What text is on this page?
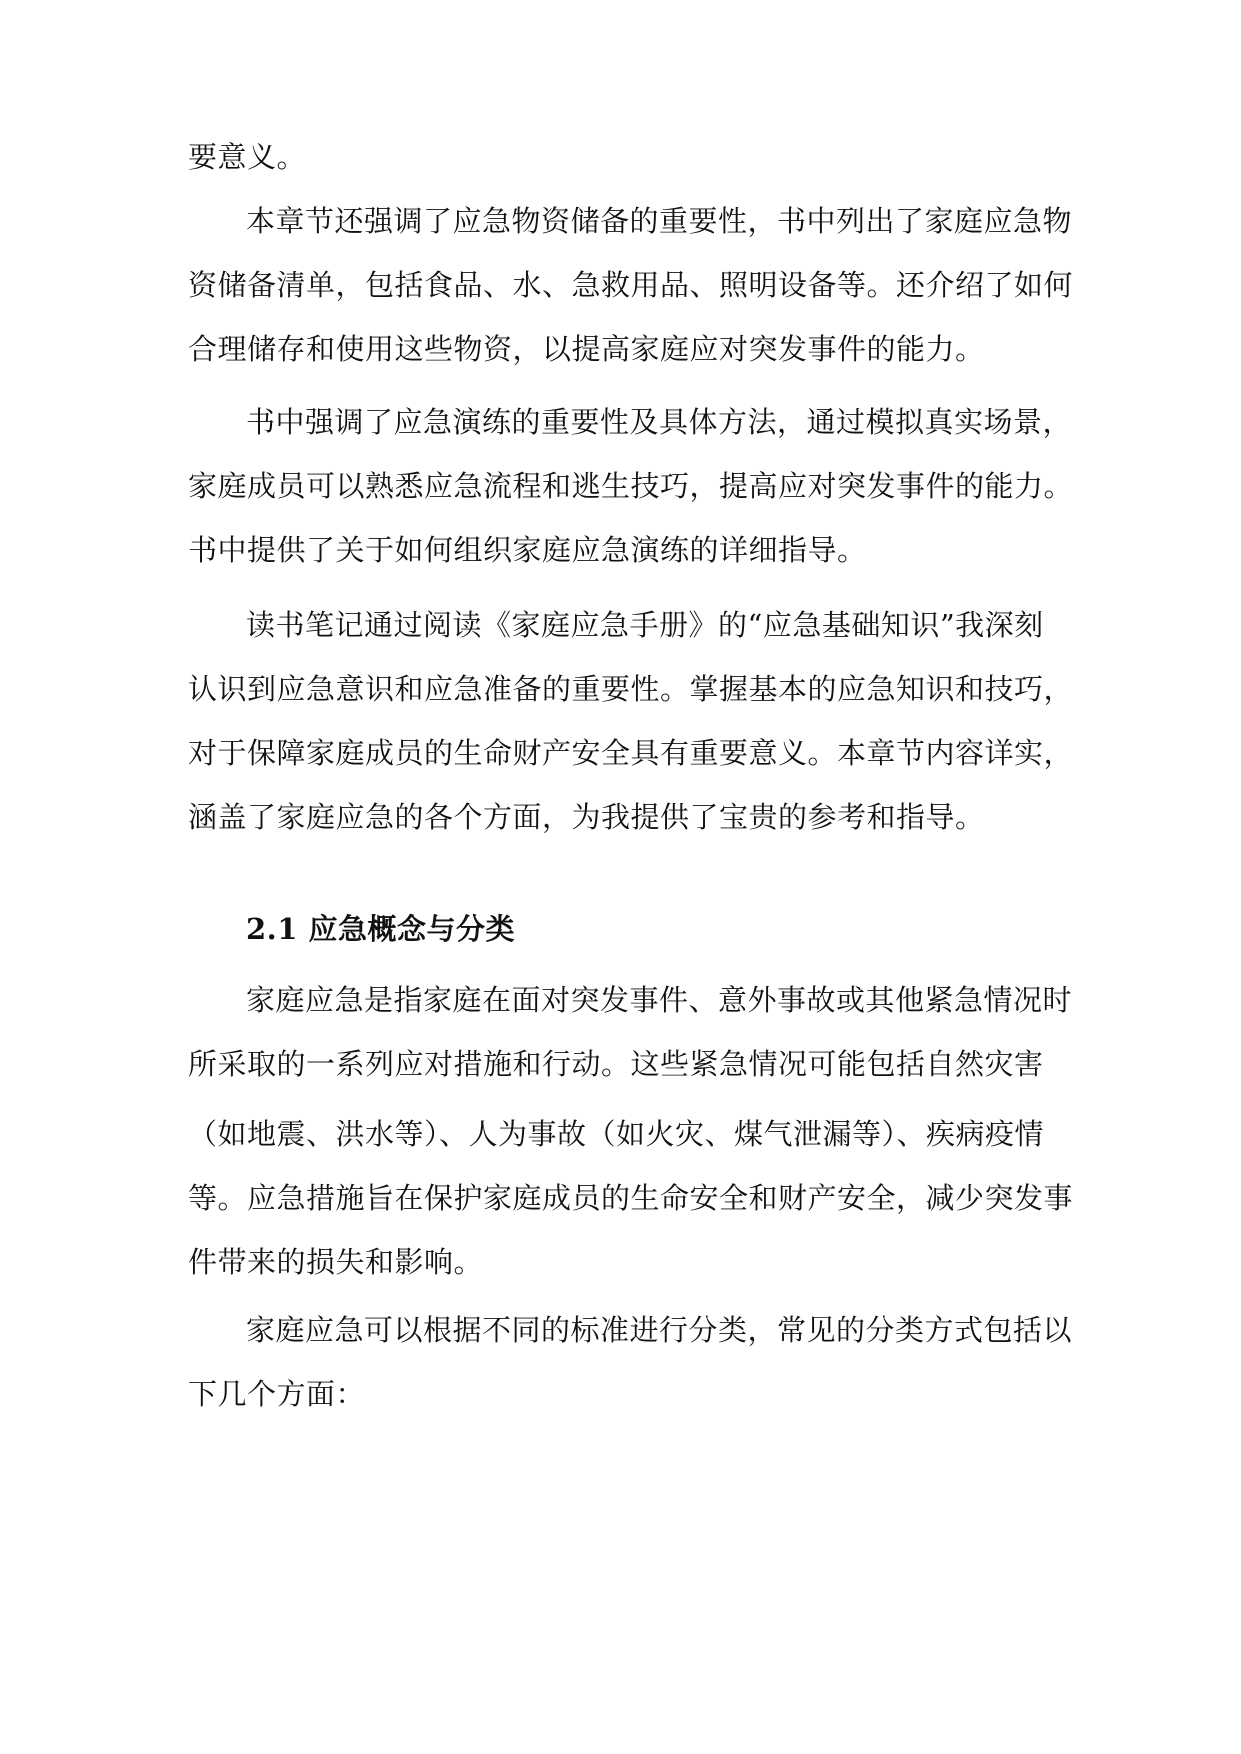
要意义。
本章节还强调了应急物资储备的重要性，书中列出了家庭应急物
资储备清单，包括食品、水、急救用品、照明设备等。还介绍了如何
合理储存和使用这些物资，以提高家庭应对突发事件的能力。
书中强调了应急演练的重要性及具体方法，通过模拟真实场景，
家庭成员可以熟悉应急流程和逃生技巧，提高应对突发事件的能力。
书中提供了关于如何组织家庭应急演练的详细指导。
读书笔记通过阅读《家庭应急手册》的“应急基础知识”我深刻
认识到应急意识和应急准备的重要性。掌握基本的应急知识和技巧，
对于保障家庭成员的生命财产安全具有重要意义。本章节内容详实，
涵盖了家庭应急的各个方面，为我提供了宝贵的参考和指导。
2.1 应急概念与分类
家庭应急是指家庭在面对突发事件、意外事故或其他紧急情况时
所采取的一系列应对措施和行动。这些紧急情况可能包括自然灾害
（如地震、洪水等）、人为事故（如火灾、煤气泄漏等）、疾病疫情
等。应急措施旨在保护家庭成员的生命安全和财产安全，减少突发事
件带来的损失和影响。
家庭应急可以根据不同的标准进行分类，常见的分类方式包括以
下几个方面：
